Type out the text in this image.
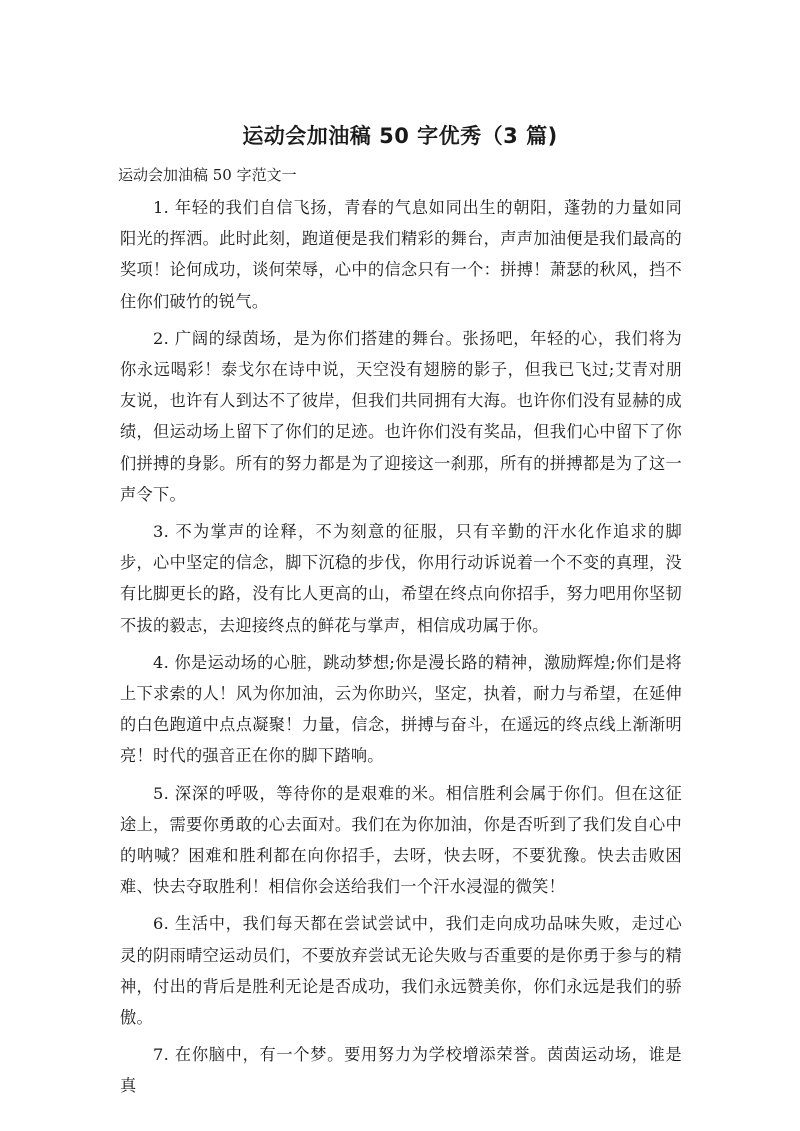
运动会加油稿 50 字优秀（3 篇)

运动会加油稿 50 字范文一

1. 年轻的我们自信飞扬，青春的气息如同出生的朝阳，蓬勃的力量如同阳光的挥洒。此时此刻，跑道便是我们精彩的舞台，声声加油便是我们最高的奖项！论何成功，谈何荣辱，心中的信念只有一个：拼搏！萧瑟的秋风，挡不住你们破竹的锐气。

2. 广阔的绿茵场，是为你们搭建的舞台。张扬吧，年轻的心，我们将为你永远喝彩！泰戈尔在诗中说，天空没有翅膀的影子，但我已飞过;艾青对朋友说，也许有人到达不了彼岸，但我们共同拥有大海。也许你们没有显赫的成绩，但运动场上留下了你们的足迹。也许你们没有奖品，但我们心中留下了你们拼搏的身影。所有的努力都是为了迎接这一刹那，所有的拼搏都是为了这一声令下。

3. 不为掌声的诠释，不为刻意的征服，只有辛勤的汗水化作追求的脚步，心中坚定的信念，脚下沉稳的步伐，你用行动诉说着一个不变的真理，没有比脚更长的路，没有比人更高的山，希望在终点向你招手，努力吧用你坚韧不拔的毅志，去迎接终点的鲜花与掌声，相信成功属于你。

4. 你是运动场的心脏，跳动梦想;你是漫长路的精神，激励辉煌;你们是将上下求索的人！风为你加油，云为你助兴，坚定，执着，耐力与希望，在延伸的白色跑道中点点凝聚！力量，信念，拼搏与奋斗，在遥远的终点线上渐渐明亮！时代的强音正在你的脚下踏响。

5. 深深的呼吸，等待你的是艰难的米。相信胜利会属于你们。但在这征途上，需要你勇敢的心去面对。我们在为你加油，你是否听到了我们发自心中的呐喊？困难和胜利都在向你招手，去呀，快去呀，不要犹豫。快去击败困难、快去夺取胜利！相信你会送给我们一个汗水浸湿的微笑！

6. 生活中，我们每天都在尝试尝试中，我们走向成功品味失败，走过心灵的阴雨晴空运动员们，不要放弃尝试无论失败与否重要的是你勇于参与的精神，付出的背后是胜利无论是否成功，我们永远赞美你，你们永远是我们的骄傲。

7. 在你脑中，有一个梦。要用努力为学校增添荣誉。茵茵运动场，谁是真
